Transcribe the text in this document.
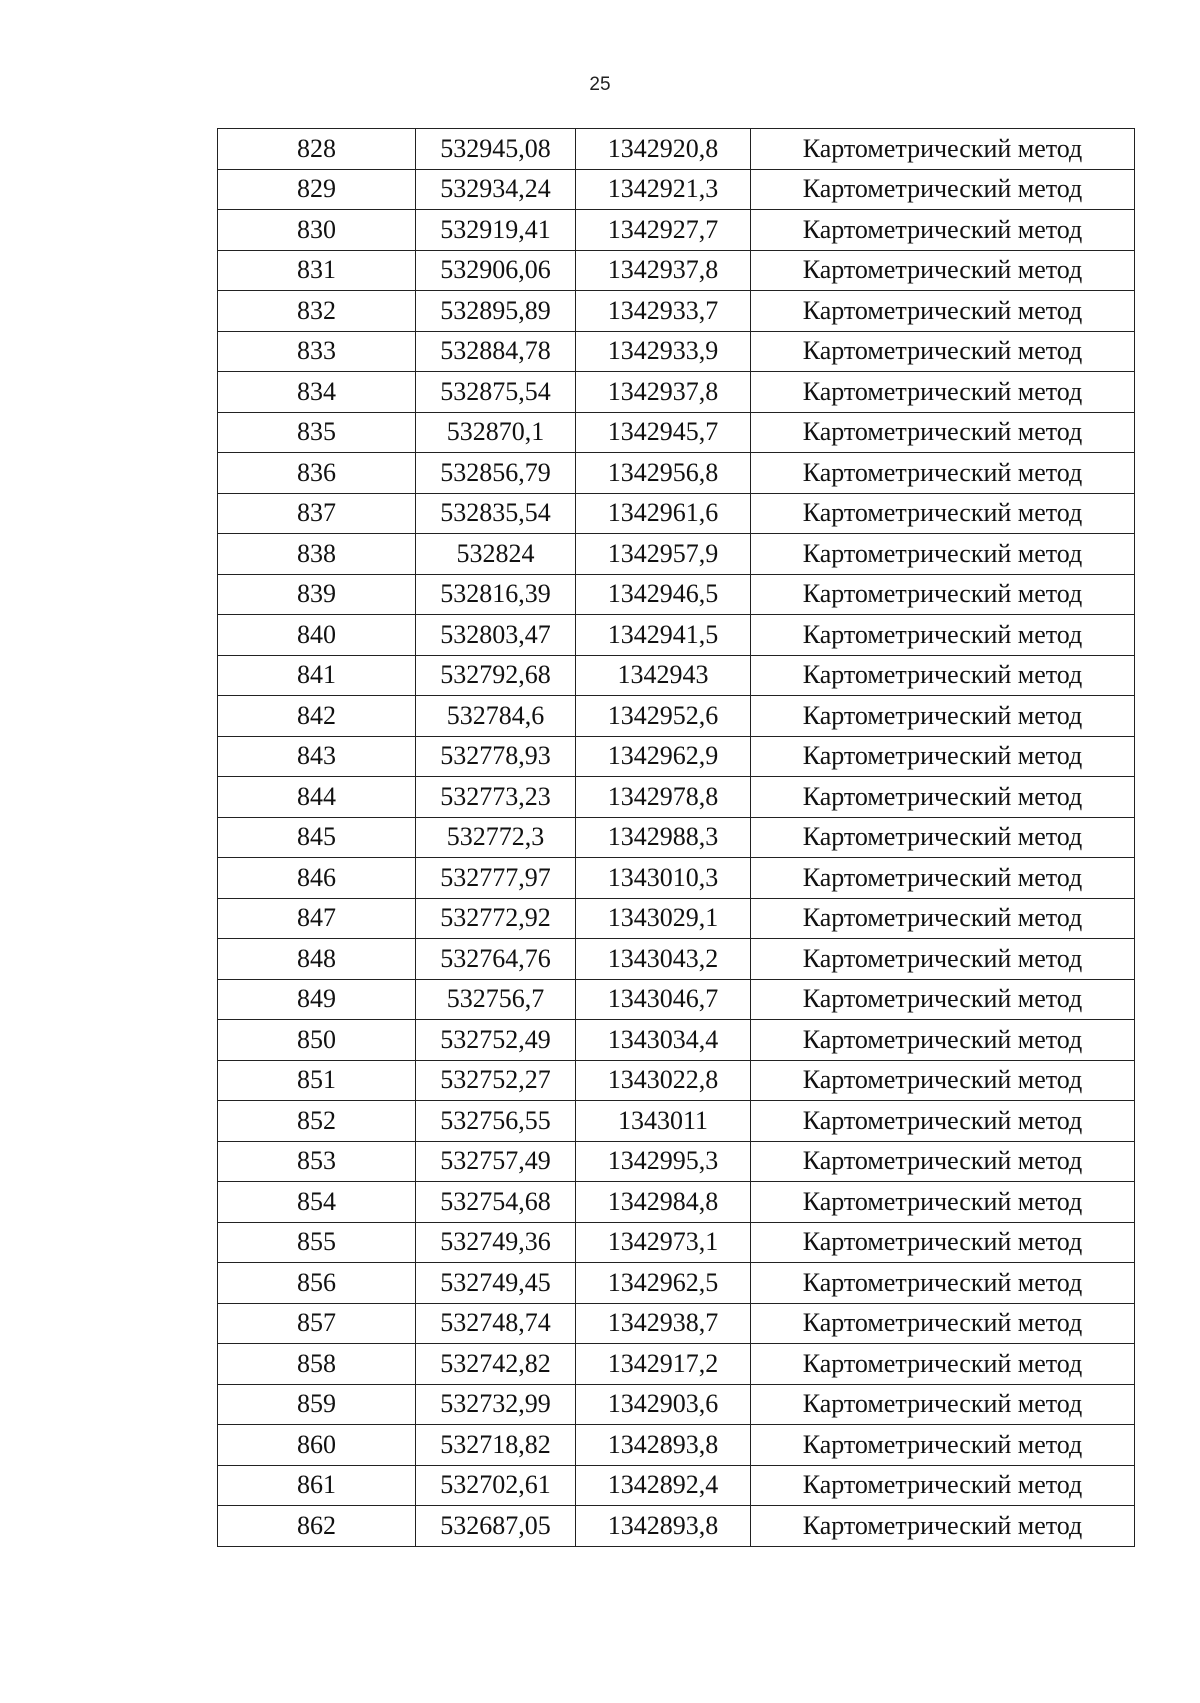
25
828	532945,08	1342920,8	Картометрический метод
829	532934,24	1342921,3	Картометрический метод
830	532919,41	1342927,7	Картометрический метод
831	532906,06	1342937,8	Картометрический метод
832	532895,89	1342933,7	Картометрический метод
833	532884,78	1342933,9	Картометрический метод
834	532875,54	1342937,8	Картометрический метод
835	532870,1	1342945,7	Картометрический метод
836	532856,79	1342956,8	Картометрический метод
837	532835,54	1342961,6	Картометрический метод
838	532824	1342957,9	Картометрический метод
839	532816,39	1342946,5	Картометрический метод
840	532803,47	1342941,5	Картометрический метод
841	532792,68	1342943	Картометрический метод
842	532784,6	1342952,6	Картометрический метод
843	532778,93	1342962,9	Картометрический метод
844	532773,23	1342978,8	Картометрический метод
845	532772,3	1342988,3	Картометрический метод
846	532777,97	1343010,3	Картометрический метод
847	532772,92	1343029,1	Картометрический метод
848	532764,76	1343043,2	Картометрический метод
849	532756,7	1343046,7	Картометрический метод
850	532752,49	1343034,4	Картометрический метод
851	532752,27	1343022,8	Картометрический метод
852	532756,55	1343011	Картометрический метод
853	532757,49	1342995,3	Картометрический метод
854	532754,68	1342984,8	Картометрический метод
855	532749,36	1342973,1	Картометрический метод
856	532749,45	1342962,5	Картометрический метод
857	532748,74	1342938,7	Картометрический метод
858	532742,82	1342917,2	Картометрический метод
859	532732,99	1342903,6	Картометрический метод
860	532718,82	1342893,8	Картометрический метод
861	532702,61	1342892,4	Картометрический метод
862	532687,05	1342893,8	Картометрический метод
